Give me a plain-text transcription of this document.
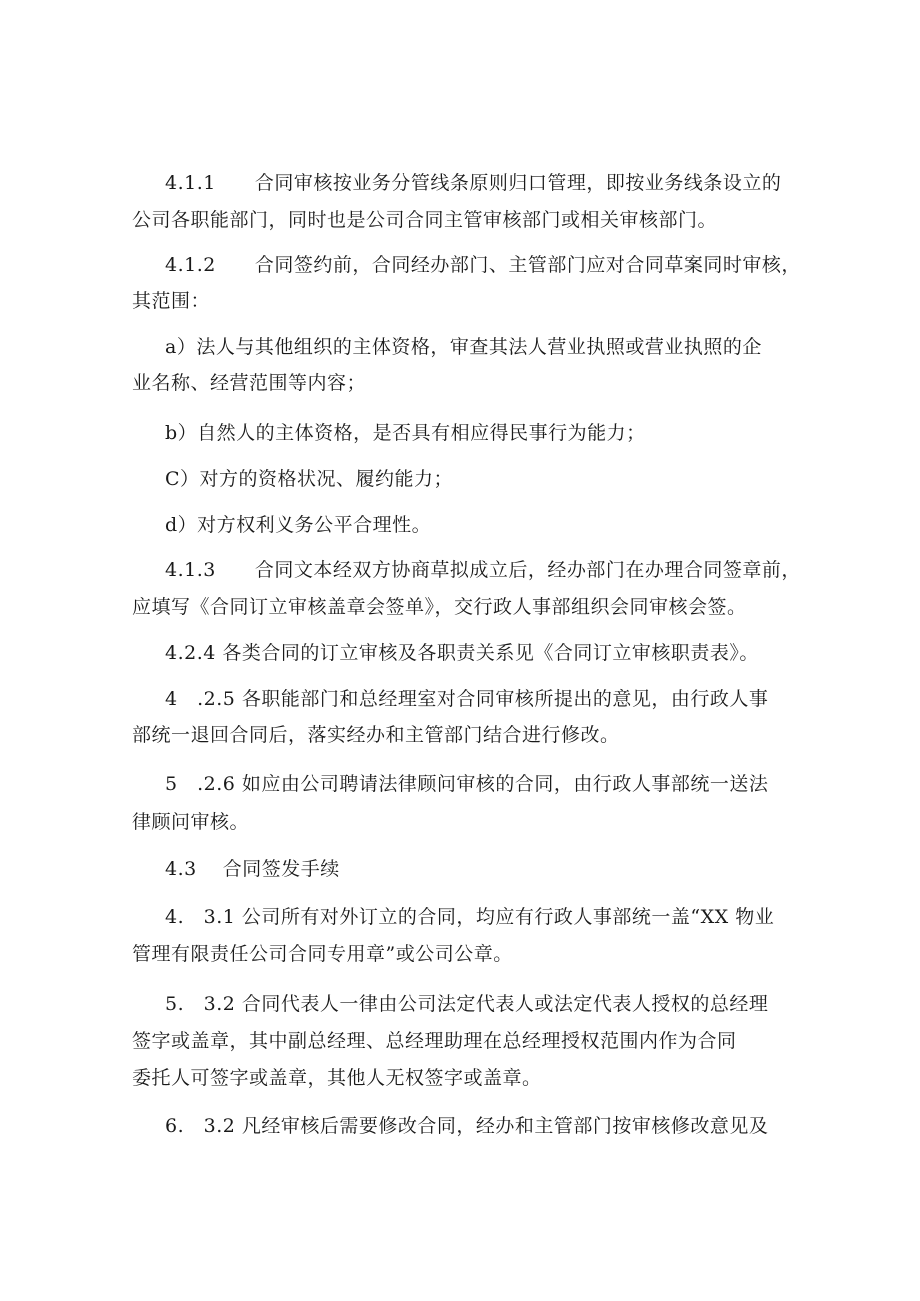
4.1.1　　合同审核按业务分管线条原则归口管理，即按业务线条设立的
公司各职能部门，同时也是公司合同主管审核部门或相关审核部门。
4.1.2　　合同签约前，合同经办部门、主管部门应对合同草案同时审核，
其范围：
a）法人与其他组织的主体资格，审查其法人营业执照或营业执照的企
业名称、经营范围等内容；
b）自然人的主体资格，是否具有相应得民事行为能力；
C）对方的资格状况、履约能力；
d）对方权利义务公平合理性。
4.1.3　　合同文本经双方协商草拟成立后，经办部门在办理合同签章前，
应填写《合同订立审核盖章会签单》，交行政人事部组织会同审核会签。
4.2.4 各类合同的订立审核及各职责关系见《合同订立审核职责表》。
4　.2.5 各职能部门和总经理室对合同审核所提出的意见，由行政人事
部统一退回合同后，落实经办和主管部门结合进行修改。
5　.2.6 如应由公司聘请法律顾问审核的合同，由行政人事部统一送法
律顾问审核。
4.3　 合同签发手续
4.　3.1 公司所有对外订立的合同，均应有行政人事部统一盖“XX 物业
管理有限责任公司合同专用章”或公司公章。
5.　3.2 合同代表人一律由公司法定代表人或法定代表人授权的总经理
签字或盖章，其中副总经理、总经理助理在总经理授权范围内作为合同
委托人可签字或盖章，其他人无权签字或盖章。
6.　3.2 凡经审核后需要修改合同，经办和主管部门按审核修改意见及
